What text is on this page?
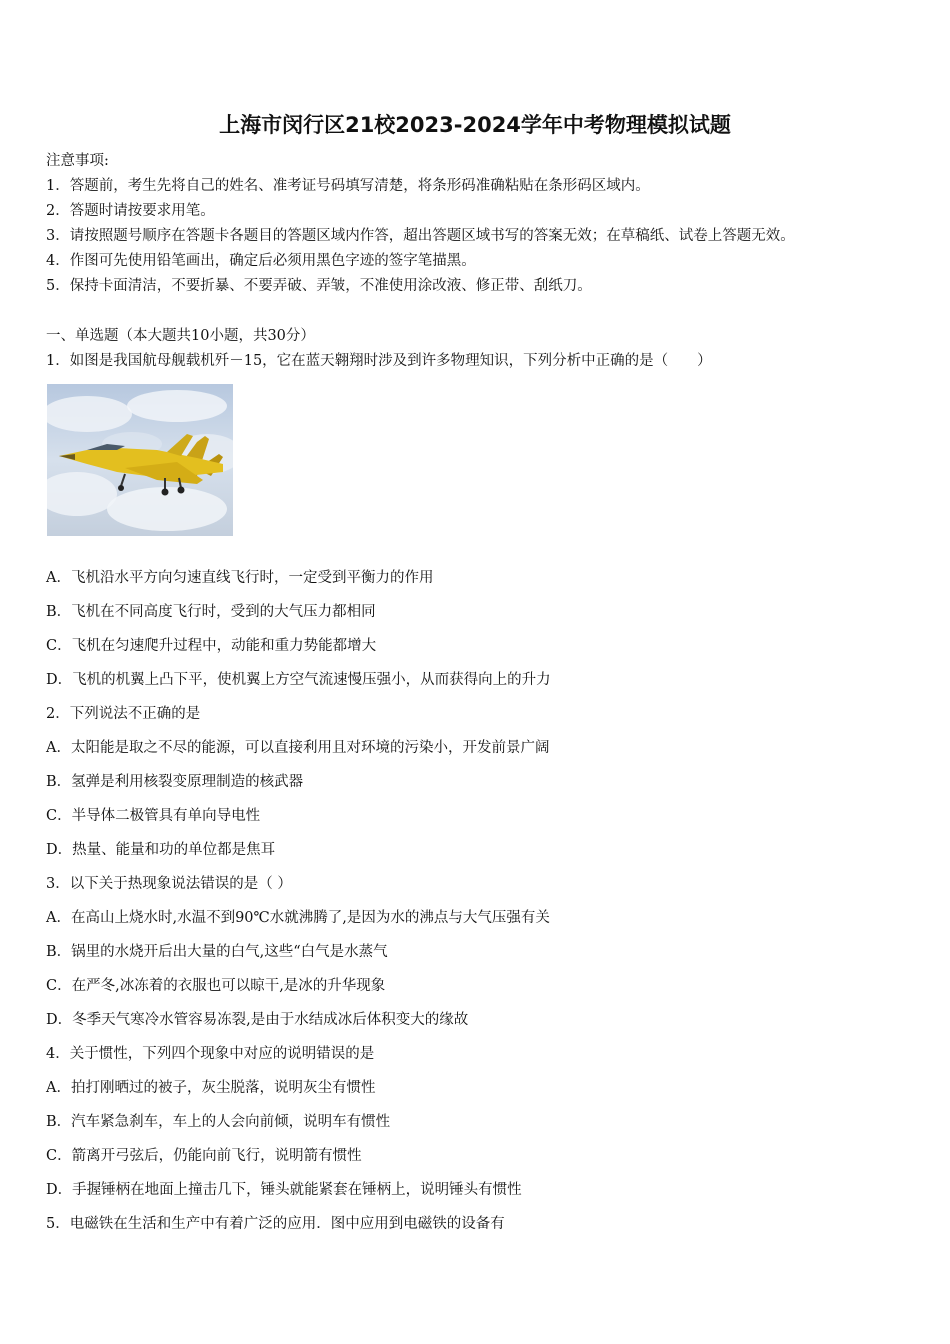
上海市闵行区21校2023-2024学年中考物理模拟试题
注意事项:
1．答题前，考生先将自己的姓名、准考证号码填写清楚，将条形码准确粘贴在条形码区域内。
2．答题时请按要求用笔。
3．请按照题号顺序在答题卡各题目的答题区域内作答，超出答题区域书写的答案无效；在草稿纸、试卷上答题无效。
4．作图可先使用铅笔画出，确定后必须用黑色字迹的签字笔描黑。
5．保持卡面清洁，不要折暴、不要弄破、弄皱，不准使用涂改液、修正带、刮纸刀。
一、单选题（本大题共10小题，共30分）
1．如图是我国航母舰载机歼－15，它在蓝天翱翔时涉及到许多物理知识，下列分析中正确的是（　　）
A．飞机沿水平方向匀速直线飞行时，一定受到平衡力的作用
B．飞机在不同高度飞行时，受到的大气压力都相同
C．飞机在匀速爬升过程中，动能和重力势能都增大
D．飞机的机翼上凸下平，使机翼上方空气流速慢压强小，从而获得向上的升力
2．下列说法不正确的是
A．太阳能是取之不尽的能源，可以直接利用且对环境的污染小，开发前景广阔
B．氢弹是利用核裂变原理制造的核武器
C．半导体二极管具有单向导电性
D．热量、能量和功的单位都是焦耳
3．以下关于热现象说法错误的是（ ）
A．在高山上烧水时,水温不到90℃水就沸腾了,是因为水的沸点与大气压强有关
B．锅里的水烧开后出大量的白气,这些“白气是水蒸气
C．在严冬,冰冻着的衣服也可以晾干,是冰的升华现象
D．冬季天气寒冷水管容易冻裂,是由于水结成冰后体积变大的缘故
4．关于惯性，下列四个现象中对应的说明错误的是
A．拍打刚晒过的被子，灰尘脱落，说明灰尘有惯性
B．汽车紧急刹车，车上的人会向前倾，说明车有惯性
C．箭离开弓弦后，仍能向前飞行，说明箭有惯性
D．手握锤柄在地面上撞击几下，锤头就能紧套在锤柄上，说明锤头有惯性
5．电磁铁在生活和生产中有着广泛的应用．图中应用到电磁铁的设备有
